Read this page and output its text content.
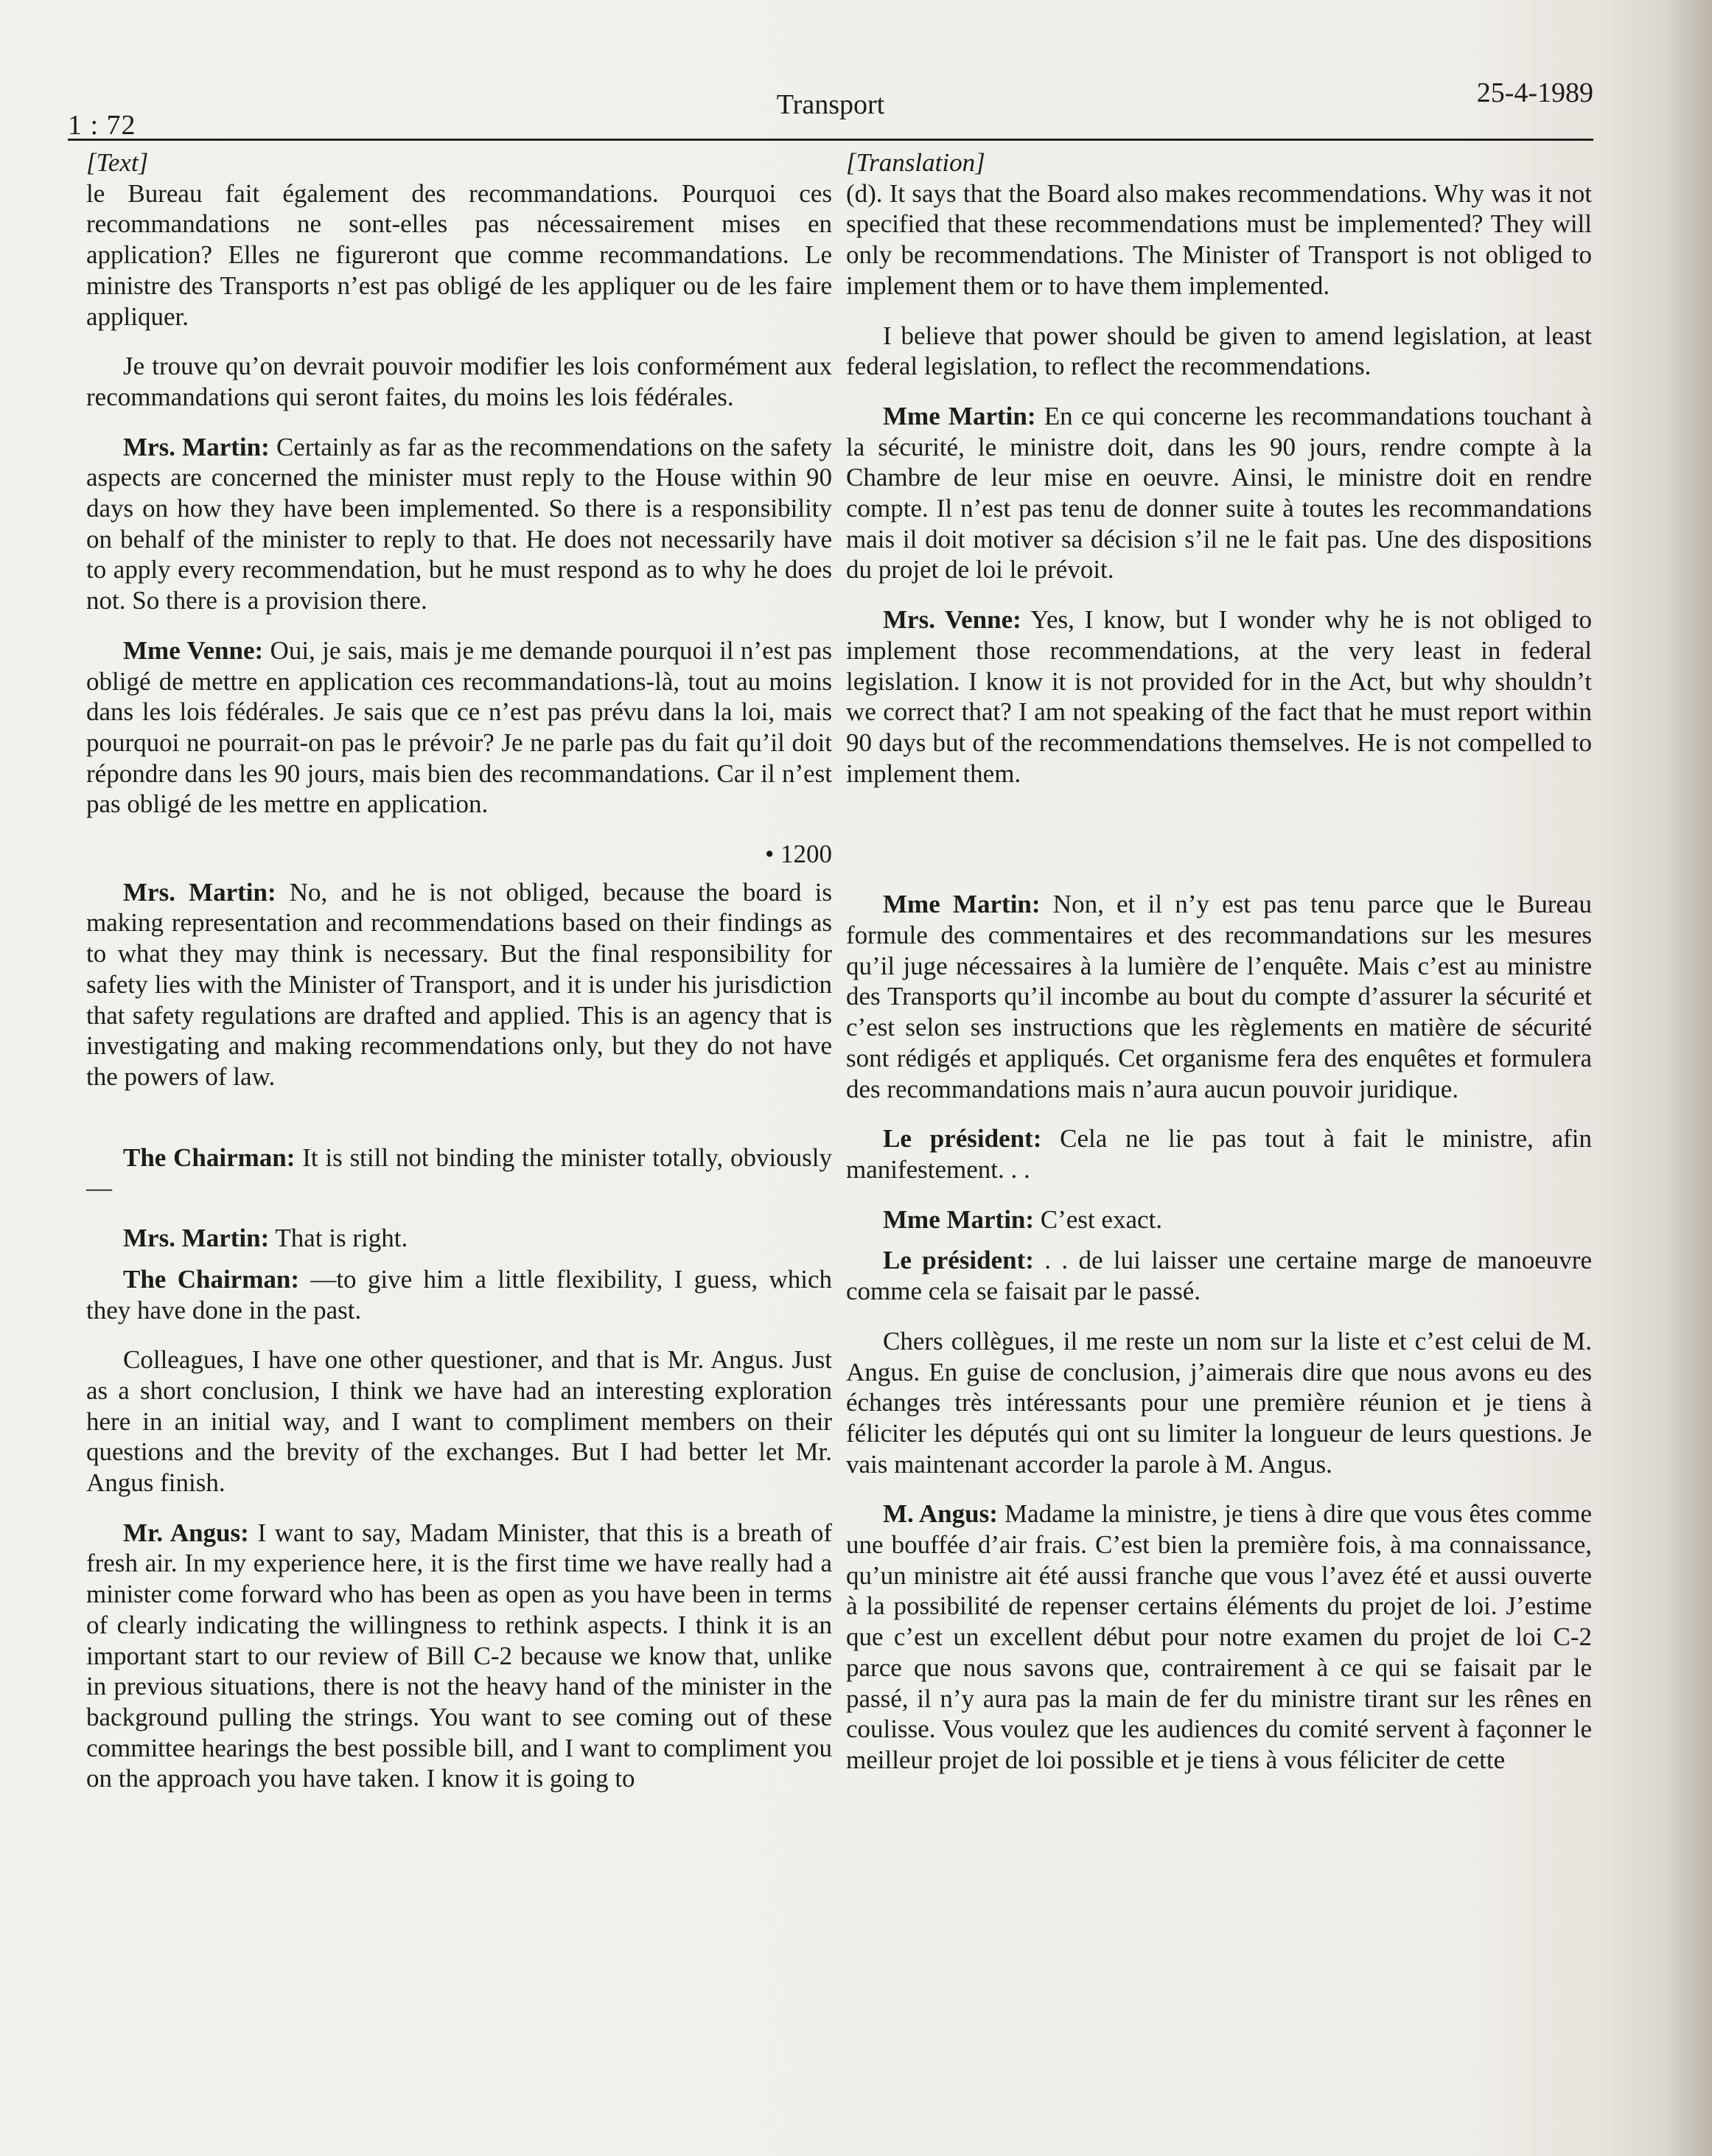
1 : 72
Transport	25-4-1989
[Text]

le Bureau fait également des recommandations. Pourquoi ces recommandations ne sont-elles pas nécessairement mises en application? Elles ne figureront que comme recommandations. Le ministre des Transports n’est pas obligé de les appliquer ou de les faire appliquer.

Je trouve qu’on devrait pouvoir modifier les lois conformément aux recommandations qui seront faites, du moins les lois fédérales.

Mrs. Martin: Certainly as far as the recommendations on the safety aspects are concerned the minister must reply to the House within 90 days on how they have been implemented. So there is a responsibility on behalf of the minister to reply to that. He does not necessarily have to apply every recommendation, but he must respond as to why he does not. So there is a provision there.

Mme Venne: Oui, je sais, mais je me demande pourquoi il n’est pas obligé de mettre en application ces recommandations-là, tout au moins dans les lois fédérales. Je sais que ce n’est pas prévu dans la loi, mais pourquoi ne pourrait-on pas le prévoir? Je ne parle pas du fait qu’il doit répondre dans les 90 jours, mais bien des recommandations. Car il n’est pas obligé de les mettre en application.

• 1200

Mrs. Martin: No, and he is not obliged, because the board is making representation and recommendations based on their findings as to what they may think is necessary. But the final responsibility for safety lies with the Minister of Transport, and it is under his jurisdiction that safety regulations are drafted and applied. This is an agency that is investigating and making recommendations only, but they do not have the powers of law.

The Chairman: It is still not binding the minister totally, obviously—

Mrs. Martin: That is right.

The Chairman: —to give him a little flexibility, I guess, which they have done in the past.

Colleagues, I have one other questioner, and that is Mr. Angus. Just as a short conclusion, I think we have had an interesting exploration here in an initial way, and I want to compliment members on their questions and the brevity of the exchanges. But I had better let Mr. Angus finish.

Mr. Angus: I want to say, Madam Minister, that this is a breath of fresh air. In my experience here, it is the first time we have really had a minister come forward who has been as open as you have been in terms of clearly indicating the willingness to rethink aspects. I think it is an important start to our review of Bill C-2 because we know that, unlike in previous situations, there is not the heavy hand of the minister in the background pulling the strings. You want to see coming out of these committee hearings the best possible bill, and I want to compliment you on the approach you have taken. I know it is going to

[Translation]

(d). It says that the Board also makes recommendations. Why was it not specified that these recommendations must be implemented? They will only be recommendations. The Minister of Transport is not obliged to implement them or to have them implemented.

I believe that power should be given to amend legislation, at least federal legislation, to reflect the recommendations.

Mme Martin: En ce qui concerne les recommandations touchant à la sécurité, le ministre doit, dans les 90 jours, rendre compte à la Chambre de leur mise en oeuvre. Ainsi, le ministre doit en rendre compte. Il n’est pas tenu de donner suite à toutes les recommandations mais il doit motiver sa décision s’il ne le fait pas. Une des dispositions du projet de loi le prévoit.

Mrs. Venne: Yes, I know, but I wonder why he is not obliged to implement those recommendations, at the very least in federal legislation. I know it is not provided for in the Act, but why shouldn’t we correct that? I am not speaking of the fact that he must report within 90 days but of the recommendations themselves. He is not compelled to implement them.

Mme Martin: Non, et il n’y est pas tenu parce que le Bureau formule des commentaires et des recommandations sur les mesures qu’il juge nécessaires à la lumière de l’enquête. Mais c’est au ministre des Transports qu’il incombe au bout du compte d’assurer la sécurité et c’est selon ses instructions que les règlements en matière de sécurité sont rédigés et appliqués. Cet organisme fera des enquêtes et formulera des recommandations mais n’aura aucun pouvoir juridique.

Le président: Cela ne lie pas tout à fait le ministre, afin manifestement. . .

Mme Martin: C’est exact.

Le président: . . de lui laisser une certaine marge de manoeuvre comme cela se faisait par le passé.

Chers collègues, il me reste un nom sur la liste et c’est celui de M. Angus. En guise de conclusion, j’aimerais dire que nous avons eu des échanges très intéressants pour une première réunion et je tiens à féliciter les députés qui ont su limiter la longueur de leurs questions. Je vais maintenant accorder la parole à M. Angus.

M. Angus: Madame la ministre, je tiens à dire que vous êtes comme une bouffée d’air frais. C’est bien la première fois, à ma connaissance, qu’un ministre ait été aussi franche que vous l’avez été et aussi ouverte à la possibilité de repenser certains éléments du projet de loi. J’estime que c’est un excellent début pour notre examen du projet de loi C-2 parce que nous savons que, contrairement à ce qui se faisait par le passé, il n’y aura pas la main de fer du ministre tirant sur les rênes en coulisse. Vous voulez que les audiences du comité servent à façonner le meilleur projet de loi possible et je tiens à vous féliciter de cette
